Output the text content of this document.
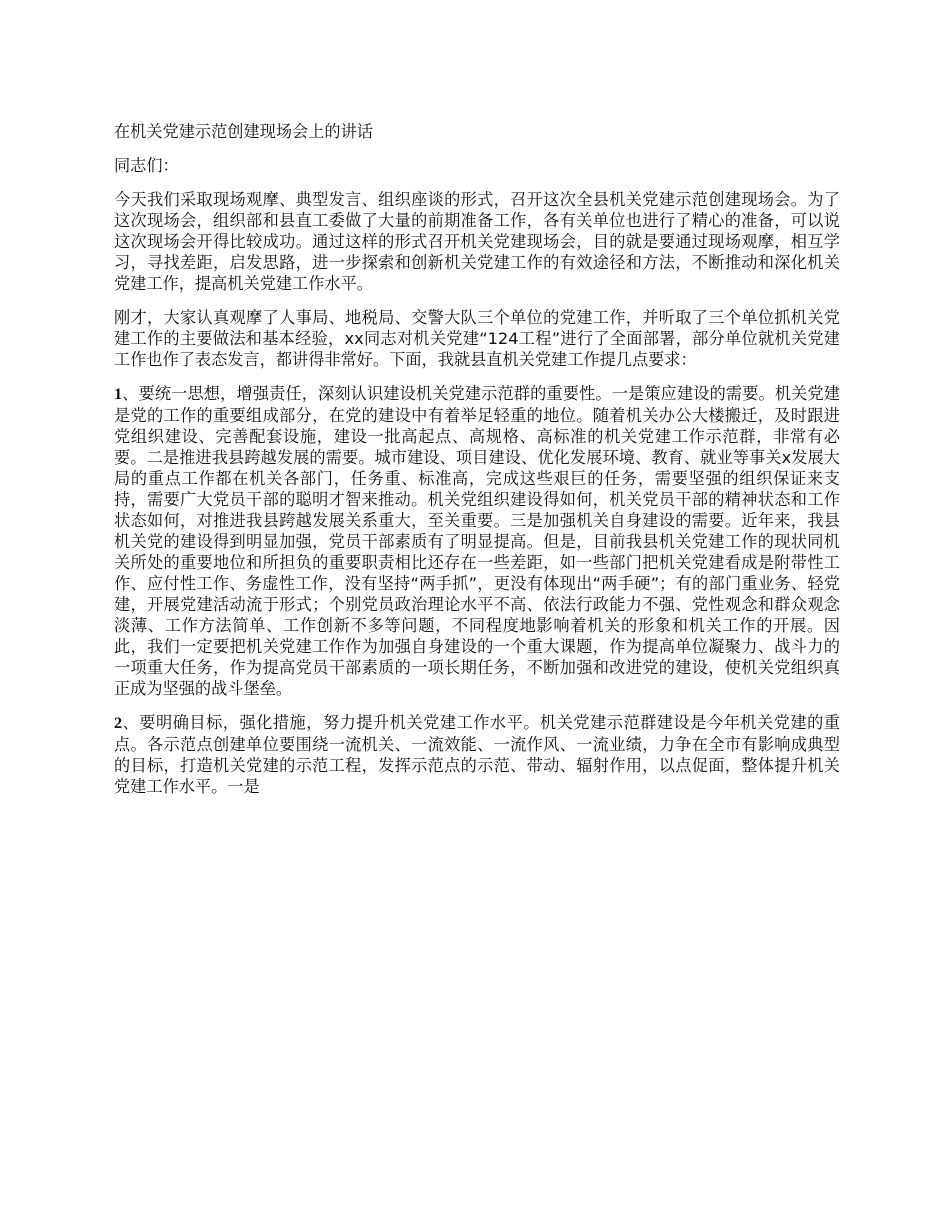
在机关党建示范创建现场会上的讲话
同志们：

今天我们采取现场观摩、典型发言、组织座谈的形式，召开这次全县机关党建示范创建现场会。为了这次现场会，组织部和县直工委做了大量的前期准备工作，各有关单位也进行了精心的准备，可以说这次现场会开得比较成功。通过这样的形式召开机关党建现场会，目的就是要通过现场观摩，相互学习，寻找差距，启发思路，进一步探索和创新机关党建工作的有效途径和方法，不断推动和深化机关党建工作，提高机关党建工作水平。

刚才，大家认真观摩了人事局、地税局、交警大队三个单位的党建工作，并听取了三个单位抓机关党建工作的主要做法和基本经验，xx同志对机关党建“124工程”进行了全面部署，部分单位就机关党建工作也作了表态发言，都讲得非常好。下面，我就县直机关党建工作提几点要求：

1、要统一思想，增强责任，深刻认识建设机关党建示范群的重要性。一是策应建设的需要。机关党建是党的工作的重要组成部分，在党的建设中有着举足轻重的地位。随着机关办公大楼搬迁，及时跟进党组织建设、完善配套设施，建设一批高起点、高规格、高标准的机关党建工作示范群，非常有必要。二是推进我县跨越发展的需要。城市建设、项目建设、优化发展环境、教育、就业等事关x发展大局的重点工作都在机关各部门，任务重、标准高，完成这些艰巨的任务，需要坚强的组织保证来支持，需要广大党员干部的聪明才智来推动。机关党组织建设得如何，机关党员干部的精神状态和工作状态如何，对推进我县跨越发展关系重大，至关重要。三是加强机关自身建设的需要。近年来，我县机关党的建设得到明显加强，党员干部素质有了明显提高。但是，目前我县机关党建工作的现状同机关所处的重要地位和所担负的重要职责相比还存在一些差距，如一些部门把机关党建看成是附带性工作、应付性工作、务虚性工作，没有坚持“两手抓”，更没有体现出“两手硬”；有的部门重业务、轻党建，开展党建活动流于形式；个别党员政治理论水平不高、依法行政能力不强、党性观念和群众观念淡薄、工作方法简单、工作创新不多等问题，不同程度地影响着机关的形象和机关工作的开展。因此，我们一定要把机关党建工作作为加强自身建设的一个重大课题，作为提高单位凝聚力、战斗力的一项重大任务，作为提高党员干部素质的一项长期任务，不断加强和改进党的建设，使机关党组织真正成为坚强的战斗堡垒。

2、要明确目标，强化措施，努力提升机关党建工作水平。机关党建示范群建设是今年机关党建的重点。各示范点创建单位要围绕一流机关、一流效能、一流作风、一流业绩，力争在全市有影响成典型的目标，打造机关党建的示范工程，发挥示范点的示范、带动、辐射作用，以点促面，整体提升机关党建工作水平。一是
